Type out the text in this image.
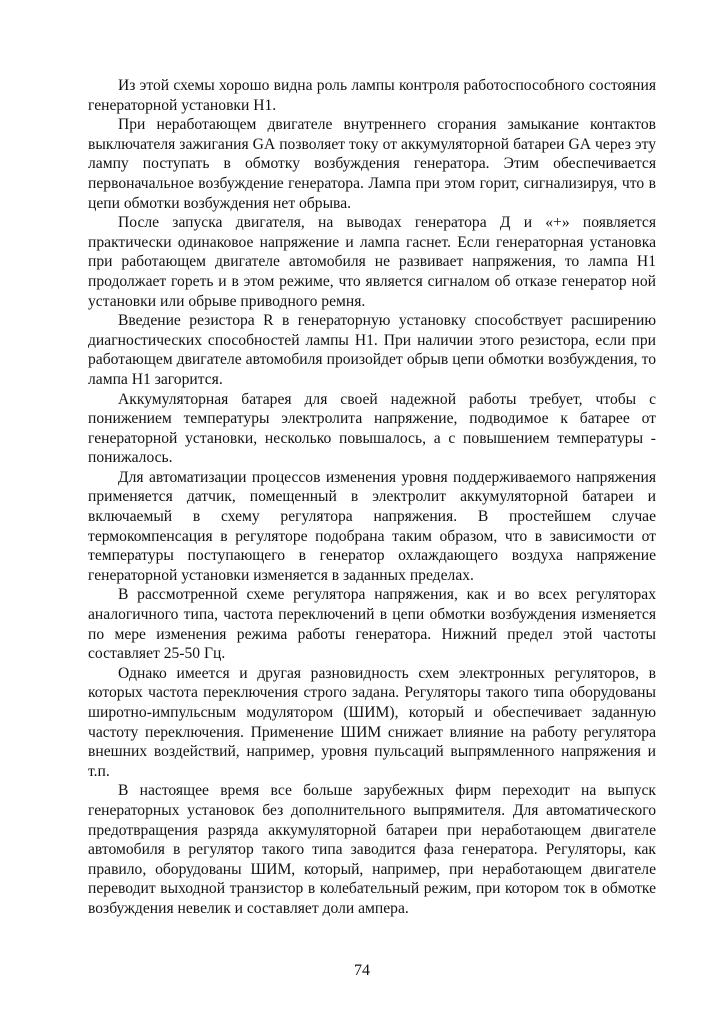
Из этой схемы хорошо видна роль лампы контроля работоспособного состояния генераторной установки Н1.

При неработающем двигателе внутреннего сгорания замыкание контактов выключателя зажигания GА позволяет току от аккумуляторной батареи GА через эту лампу поступать в обмотку возбуждения генератора. Этим обеспечивается первоначальное возбуждение генератора. Лампа при этом горит, сигнализируя, что в цепи обмотки возбуждения нет обрыва.

После запуска двигателя, на выводах генератора Д и «+» появляется практически одинаковое напряжение и лампа гаснет. Если генераторная установка при работающем двигателе автомобиля не развивает напряжения, то лампа Н1 продолжает гореть и в этом режиме, что является сигналом об отказе генератор ной установки или обрыве приводного ремня.

Введение резистора R в генераторную установку способствует расширению диагностических способностей лампы Н1. При наличии этого резистора, если при работающем двигателе автомобиля произойдет обрыв цепи обмотки возбуждения, то лампа Н1 загорится.

Аккумуляторная батарея для своей надежной работы требует, чтобы с понижением температуры электролита напряжение, подводимое к батарее от генераторной установки, несколько повышалось, а с повышением температуры - понижалось.

Для автоматизации процессов изменения уровня поддерживаемого напряжения применяется датчик, помещенный в электролит аккумуляторной батареи и включаемый в схему регулятора напряжения. В простейшем случае термокомпенсация в регуляторе подобрана таким образом, что в зависимости от температуры поступающего в генератор охлаждающего воздуха напряжение генераторной установки изменяется в заданных пределах.

В рассмотренной схеме регулятора напряжения, как и во всех регуляторах аналогичного типа, частота переключений в цепи обмотки возбуждения изменяется по мере изменения режима работы генератора. Нижний предел этой частоты составляет 25-50 Гц.

Однако имеется и другая разновидность схем электронных регуляторов, в которых частота переключения строго задана. Регуляторы такого типа оборудованы широтно-импульсным модулятором (ШИМ), который и обеспечивает заданную частоту переключения. Применение ШИМ снижает влияние на работу регулятора внешних воздействий, например, уровня пульсаций выпрямленного напряжения и т.п.

В настоящее время все больше зарубежных фирм переходит на выпуск генераторных установок без дополнительного выпрямителя. Для автоматического предотвращения разряда аккумуляторной батареи при неработающем двигателе автомобиля в регулятор такого типа заводится фаза генератора. Регуляторы, как правило, оборудованы ШИМ, который, например, при неработающем двигателе переводит выходной транзистор в колебательный режим, при котором ток в обмотке возбуждения невелик и составляет доли ампера.

74
